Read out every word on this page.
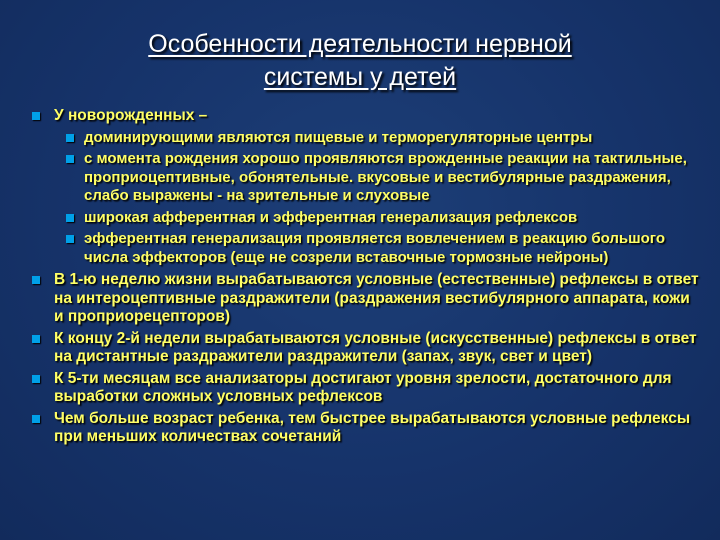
Особенности деятельности нервной
системы у детей
У новорожденных –
доминирующими являются пищевые и терморегуляторные центры
с момента рождения хорошо проявляются врожденные реакции на тактильные, проприоцептивные, обонятельные. вкусовые и вестибулярные раздражения, слабо выражены - на зрительные и слуховые
широкая афферентная и эфферентная генерализация рефлексов
эфферентная генерализация проявляется вовлечением в реакцию большого числа эффекторов (еще не созрели вставочные тормозные нейроны)
В 1-ю неделю жизни вырабатываются условные (естественные) рефлексы в ответ на интероцептивные раздражители (раздражения вестибулярного аппарата, кожи и проприорецепторов)
К концу 2-й недели вырабатываются условные (искусственные) рефлексы в ответ на дистантные раздражители раздражители (запах, звук, свет и цвет)
К 5-ти месяцам все анализаторы достигают уровня зрелости, достаточного для выработки сложных условных рефлексов
Чем больше возраст ребенка, тем быстрее вырабатываются условные рефлексы при меньших количествах сочетаний
